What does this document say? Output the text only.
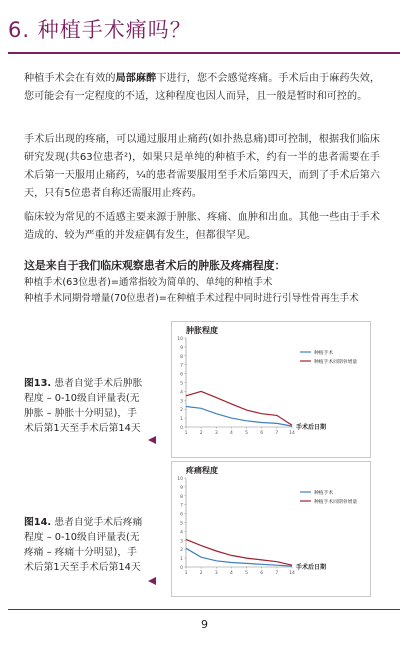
6. 种植手术痛吗？
种植手术会在有效的局部麻醉下进行，您不会感觉疼痛。手术后由于麻药失效，您可能会有一定程度的不适，这种程度也因人而异，且一般是暂时和可控的。
手术后出现的疼痛，可以通过服用止痛药(如扑热息痛)即可控制，根据我们临床研究发现(共63位患者²)，如果只是单纯的种植手术，约有一半的患者需要在手术后第一天服用止痛药，¼的患者需要服用至手术后第四天，而到了手术后第六天，只有5位患者自称还需服用止疼药。
临床较为常见的不适感主要来源于肿胀、疼痛、血肿和出血。其他一些由于手术造成的、较为严重的并发症偶有发生，但都很罕见。
这是来自于我们临床观察患者术后的肿胀及疼痛程度：
种植手术(63位患者)=通常指较为简单的、单纯的种植手术
种植手术同期骨增量(70位患者)=在种植手术过程中同时进行引导性骨再生手术
肿胀程度
0
1
2
3
4
5
6
7
8
9
10
1	2	3	4	5	6	7 14
手术后日期
种植手术
种植手术同期骨增量
图13. 患者自觉手术后肿胀程度 – 0-10级自评量表(无肿胀 – 肿胀十分明显)，手术后第1天至手术后第14天
疼痛程度
0
1
2
3
4
5
6
7
8
9
10
1	2	3	4	5	6	7 14
手术后日期
种植手术
种植手术同期骨增量
图14. 患者自觉手术后疼痛程度 – 0-10级自评量表(无疼痛 – 疼痛十分明显)，手术后第1天至手术后第14天
9
